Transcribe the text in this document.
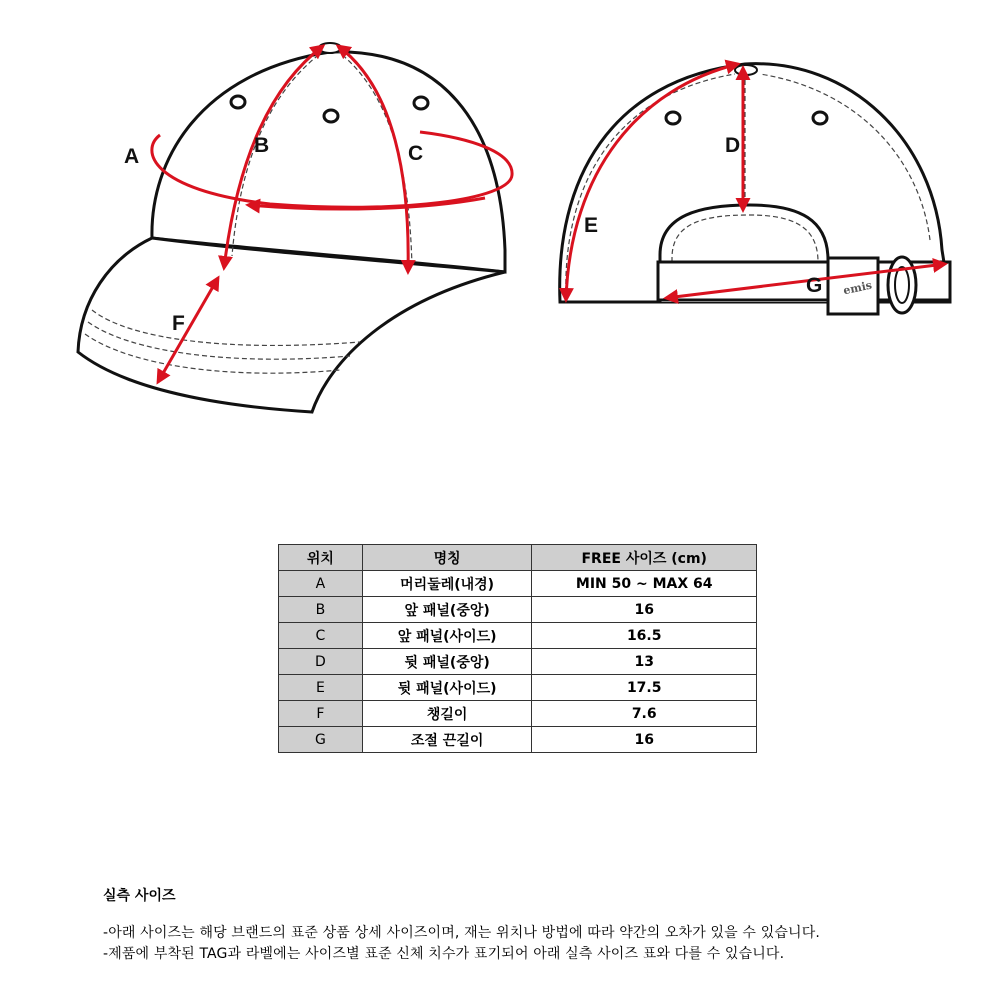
A	B	C
F
D
E
G emis
위치	명칭	FREE 사이즈 (cm)
A	머리둘레(내경)	MIN 50 ~ MAX 64
B	앞 패널(중앙)	16
C	앞 패널(사이드)	16.5
D	뒷 패널(중앙)	13
E	뒷 패널(사이드)	17.5
F	챙길이	7.6
G	조절 끈길이	16
실측 사이즈
-아래 사이즈는 해당 브랜드의 표준 상품 상세 사이즈이며, 재는 위치나 방법에 따라 약간의 오차가 있을 수 있습니다.
-제품에 부착된 TAG과 라벨에는 사이즈별 표준 신체 치수가 표기되어 아래 실측 사이즈 표와 다를 수 있습니다.
